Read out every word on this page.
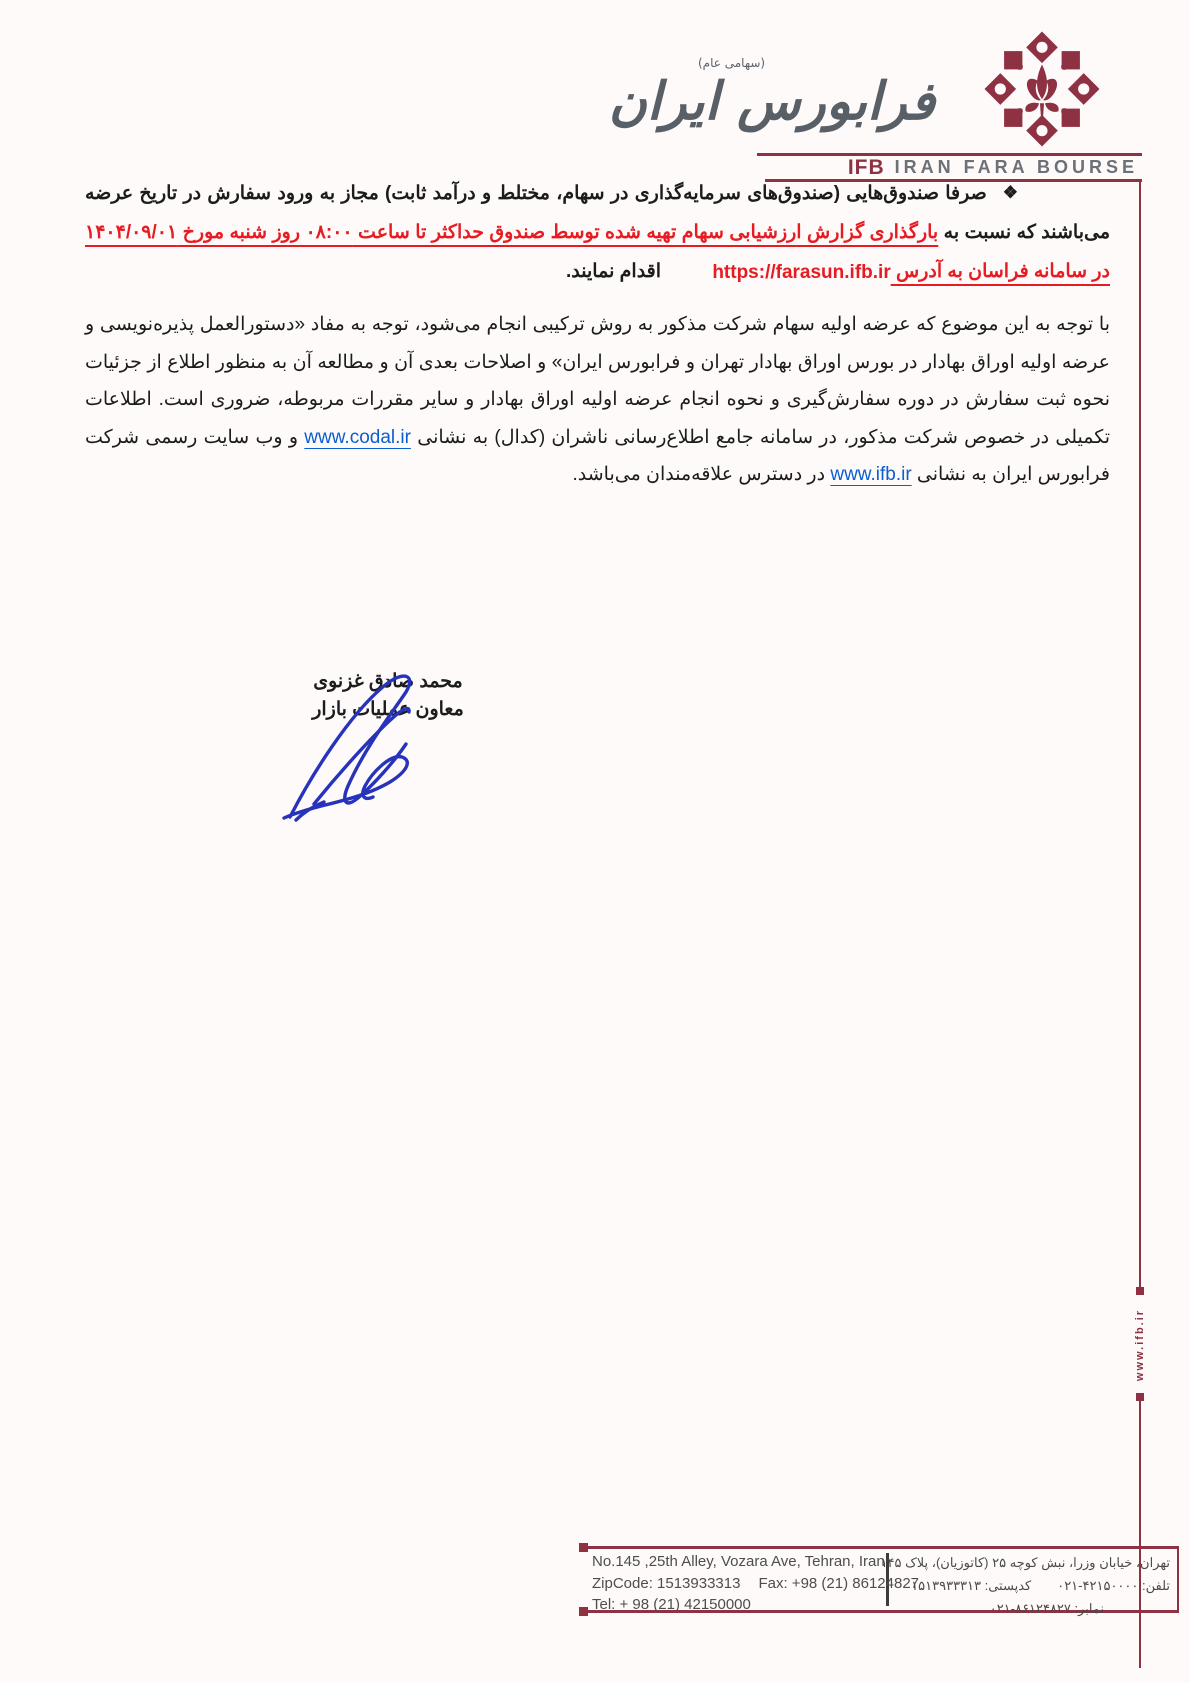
فرابورس ایران
(سهامی عام)
IFB IRAN FARA BOURSE
www.ifb.ir
❖صرفا صندوق‌هایی (صندوق‌های سرمایه‌گذاری در سهام، مختلط و درآمد ثابت) مجاز به ورود سفارش در تاریخ عرضه می‌باشند که نسبت به بارگذاری گزارش ارزشیابی سهام تهیه شده توسط صندوق حداکثر تا ساعت ۰۸:۰۰ روز شنبه مورخ ۱۴۰۴/۰۹/۰۱ در سامانه فراسان به آدرس https://farasun.ifb.ir اقدام نمایند.
با توجه به این موضوع که عرضه اولیه سهام شرکت مذکور به روش ترکیبی انجام می‌شود، توجه به مفاد «دستورالعمل پذیره‌نویسی و عرضه اولیه اوراق بهادار در بورس اوراق بهادار تهران و فرابورس ایران» و اصلاحات بعدی آن و مطالعه آن به منظور اطلاع از جزئیات نحوه ثبت سفارش در دوره سفارش‌گیری و نحوه انجام عرضه اولیه اوراق بهادار و سایر مقررات مربوطه، ضروری است. اطلاعات تکمیلی در خصوص شرکت مذکور، در سامانه جامع اطلاع‌رسانی ناشران (کدال) به نشانی www.codal.ir و وب سایت رسمی شرکت فرابورس ایران به نشانی www.ifb.ir در دسترس علاقه‌مندان می‌باشد.
محمد صادق غزنوی
معاون عملیات بازار
No.145 ,25th Alley, Vozara Ave, Tehran, Iran
ZipCode: 1513933313 Fax: +98 (21) 86124827
Tel: + 98 (21) 42150000
تهران، خیابان وزرا، نبش کوچه ۲۵ (کاتوزیان)، پلاک ۱۴۵
تلفن: ۴۲۱۵۰۰۰۰-۰۲۱کدپستی: ۱۵۱۳۹۳۳۳۱۳
نمابر: ۸۶۱۲۴۸۲۷-۰۲۱
